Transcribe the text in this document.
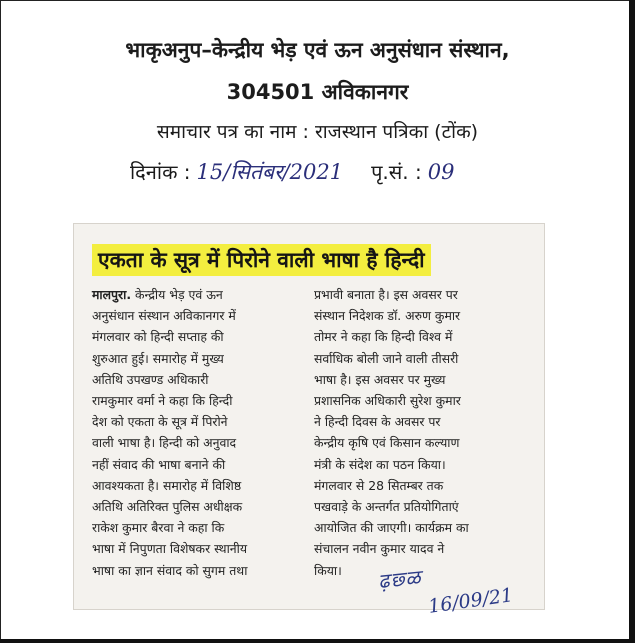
भाकृअनुप–केन्द्रीय भेड़ एवं ऊन अनुसंधान संस्थान,
304501 अविकानगर
समाचार पत्र का नाम : राजस्थान पत्रिका (टोंक)
दिनांक : 15/सितंबर/2021 पृ.सं. : 09
एकता के सूत्र में पिरोने वाली भाषा है हिन्दी
मालपुरा. केन्द्रीय भेड़ एवं ऊन
अनुसंधान संस्थान अविकानगर में
मंगलवार को हिन्दी सप्ताह की
शुरुआत हुई। समारोह में मुख्य
अतिथि उपखण्ड अधिकारी
रामकुमार वर्मा ने कहा कि हिन्दी
देश को एकता के सूत्र में पिरोने
वाली भाषा है। हिन्दी को अनुवाद
नहीं संवाद की भाषा बनाने की
आवश्यकता है। समारोह में विशिष्ठ
अतिथि अतिरिक्त पुलिस अधीक्षक
राकेश कुमार बैरवा ने कहा कि
भाषा में निपुणता विशेषकर स्थानीय
भाषा का ज्ञान संवाद को सुगम तथा
प्रभावी बनाता है। इस अवसर पर
संस्थान निदेशक डॉ. अरुण कुमार
तोमर ने कहा कि हिन्दी विश्व में
सर्वाधिक बोली जाने वाली तीसरी
भाषा है। इस अवसर पर मुख्य
प्रशासनिक अधिकारी सुरेश कुमार
ने हिन्दी दिवस के अवसर पर
केन्द्रीय कृषि एवं किसान कल्याण
मंत्री के संदेश का पठन किया।
मंगलवार से 28 सितम्बर तक
पखवाड़े के अन्तर्गत प्रतियोगिताएं
आयोजित की जाएगी। कार्यक्रम का
संचालन नवीन कुमार यादव ने
किया।	ढ़छ्ळ
16/09/21
